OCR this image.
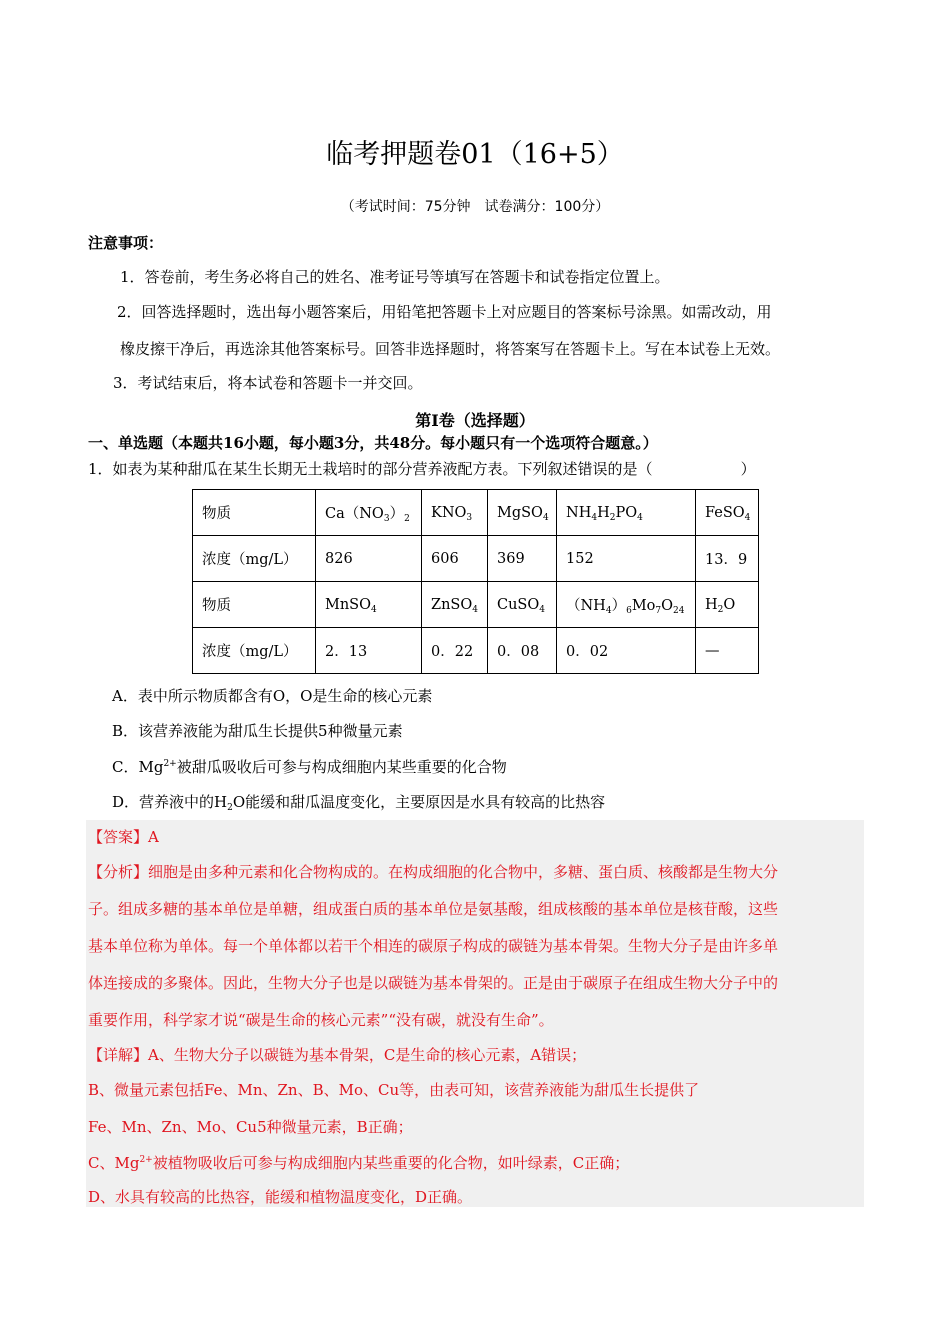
临考押题卷01（16+5）
（考试时间：75分钟　试卷满分：100分）
注意事项：
1．答卷前，考生务必将自己的姓名、准考证号等填写在答题卡和试卷指定位置上。
2．回答选择题时，选出每小题答案后，用铅笔把答题卡上对应题目的答案标号涂黑。如需改动，用
橡皮擦干净后，再选涂其他答案标号。回答非选择题时，将答案写在答题卡上。写在本试卷上无效。
3．考试结束后，将本试卷和答题卡一并交回。
第Ⅰ卷（选择题）
一、单选题（本题共16小题，每小题3分，共48分。每小题只有一个选项符合题意。）
1．如表为某种甜瓜在某生长期无土栽培时的部分营养液配方表。下列叙述错误的是（	）
物质	$Ca(NO_3)_2$	$KNO_3$	MgSO$_4$	$NH_4H_2PO_4$	FeSO$_4$
浓度（mg/L）	826	606	369	152	13．9
物质	MnSO$_4$	ZnSO$_4$	CuSO$_4$	$(NH_4)_6Mo_7O_{24}$	$H_2O$
浓度（mg/L）	2．13	0．22	0．08	0．02	—
A．表中所示物质都含有O，O是生命的核心元素
B．该营养液能为甜瓜生长提供5种微量元素
C．$Mg^{2+}$被甜瓜吸收后可参与构成细胞内某些重要的化合物
D．营养液中的$H_2O$能缓和甜瓜温度变化，主要原因是水具有较高的比热容
【答案】A
【分析】细胞是由多种元素和化合物构成的。在构成细胞的化合物中，多糖、蛋白质、核酸都是生物大分
子。组成多糖的基本单位是单糖，组成蛋白质的基本单位是氨基酸，组成核酸的基本单位是核苷酸，这些
基本单位称为单体。每一个单体都以若干个相连的碳原子构成的碳链为基本骨架。生物大分子是由许多单
体连接成的多聚体。因此，生物大分子也是以碳链为基本骨架的。正是由于碳原子在组成生物大分子中的
重要作用，科学家才说“碳是生命的核心元素”“没有碳，就没有生命”。
【详解】A、生物大分子以碳链为基本骨架，C是生命的核心元素，A错误；
B、微量元素包括Fe、Mn、Zn、B、Mo、Cu等，由表可知，该营养液能为甜瓜生长提供了
Fe、Mn、Zn、Mo、Cu5种微量元素，B正确；
C、$Mg^{2+}$被植物吸收后可参与构成细胞内某些重要的化合物，如叶绿素，C正确；
D、水具有较高的比热容，能缓和植物温度变化，D正确。
